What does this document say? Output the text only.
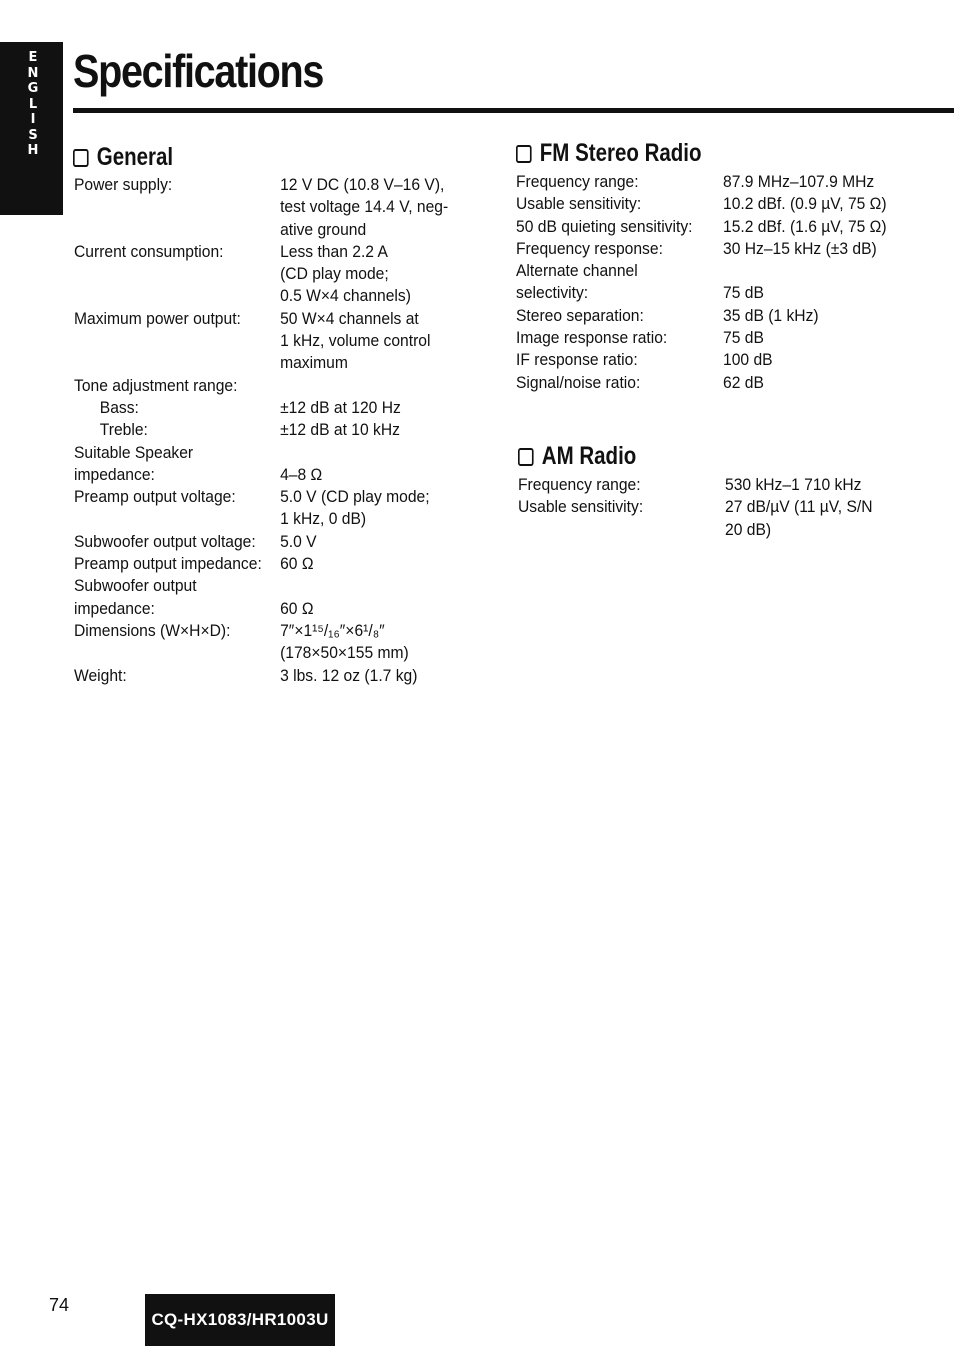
E
N
G
L
I
S
H
47
Specifications
General
Power supply:	12 V DC (10.8 V–16 V),
test voltage 14.4 V, neg-
ative ground
Current consumption:	Less than 2.2 A
(CD play mode;
0.5 W×4 channels)
Maximum power output:	50 W×4 channels at
1 kHz, volume control
maximum
Tone adjustment range:

Bass:	±12 dB at 120 Hz
Treble:	±12 dB at 10 kHz
Suitable Speaker
impedance:
	4–8 Ω
Preamp output voltage:	5.0 V (CD play mode;
1 kHz, 0 dB)
Subwoofer output voltage:	5.0 V
Preamp output impedance:	60 Ω
Subwoofer output
impedance:
	60 Ω
Dimensions (W×H×D):	7″×1¹⁵/₁₆″×6¹/₈″
(178×50×155 mm)
Weight:	3 lbs. 12 oz (1.7 kg)
FM Stereo Radio
Frequency range:	87.9 MHz–107.9 MHz
Usable sensitivity:	10.2 dBf. (0.9 µV, 75 Ω)
50 dB quieting sensitivity:	15.2 dBf. (1.6 µV, 75 Ω)
Frequency response:	30 Hz–15 kHz (±3 dB)
Alternate channel
selectivity:
	75 dB
Stereo separation:	35 dB (1 kHz)
Image response ratio:	75 dB
IF response ratio:	100 dB
Signal/noise ratio:	62 dB
AM Radio
Frequency range:	530 kHz–1 710 kHz
Usable sensitivity:	27 dB/µV (11 µV, S/N
20 dB)
74
CQ-HX1083/HR1003U
